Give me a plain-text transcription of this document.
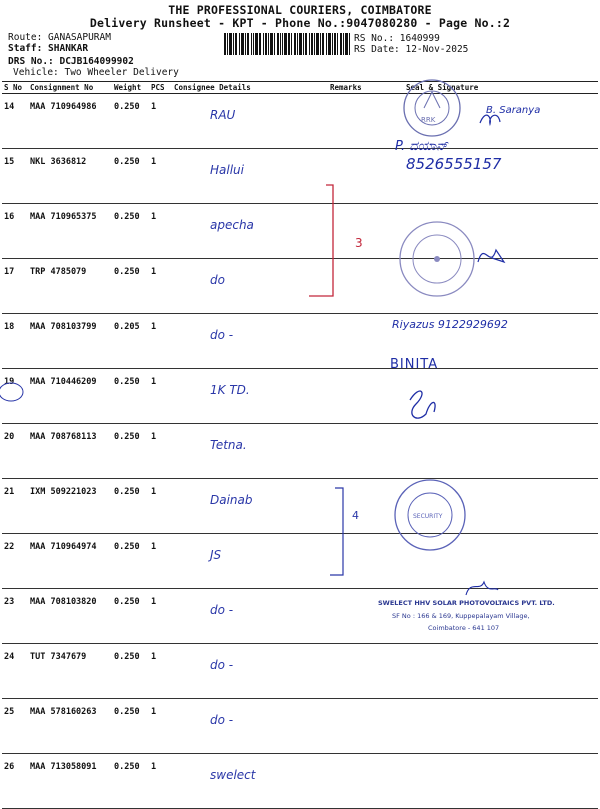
THE PROFESSIONAL COURIERS, COIMBATORE
Delivery Runsheet - KPT - Phone No.:9047080280 - Page No.:2
Route: GANASAPURAM
Staff: SHANKAR
DRS No.: DCJB164099902
Vehicle: Two Wheeler Delivery
RS No.: 1640999
RS Date: 12-Nov-2025
S No	Consignment No	Weight	PCS	Consignee Details	Remarks	Seal & Signature
14	MAA 710964986	0.250	1	RAU		
15	NKL 3636812	0.250	1	Hallui		
16	MAA 710965375	0.250	1	apecha		
17	TRP 4785079	0.250	1	do		
18	MAA 708103799	0.205	1	do -		
19	MAA 710446209	0.250	1	1K TD.		
20	MAA 708768113	0.250	1	Tetna.		
21	IXM 509221023	0.250	1	Dainab		
22	MAA 710964974	0.250	1	JS		
23	MAA 708103820	0.250	1	do -		
24	TUT 7347679	0.250	1	do -		
25	MAA 578160263	0.250	1	do -		
26	MAA 713058091	0.250	1	swelect		
3
4
RRK
SECURITY
B. Saranya
P. ದಯಾನ್
8526555157
Riyazus 9122929692
BINITA
SWELECT HHV SOLAR PHOTOVOLTAICS PVT. LTD.
SF No : 166 & 169, Kuppepalayam Village,
Coimbatore - 641 107
